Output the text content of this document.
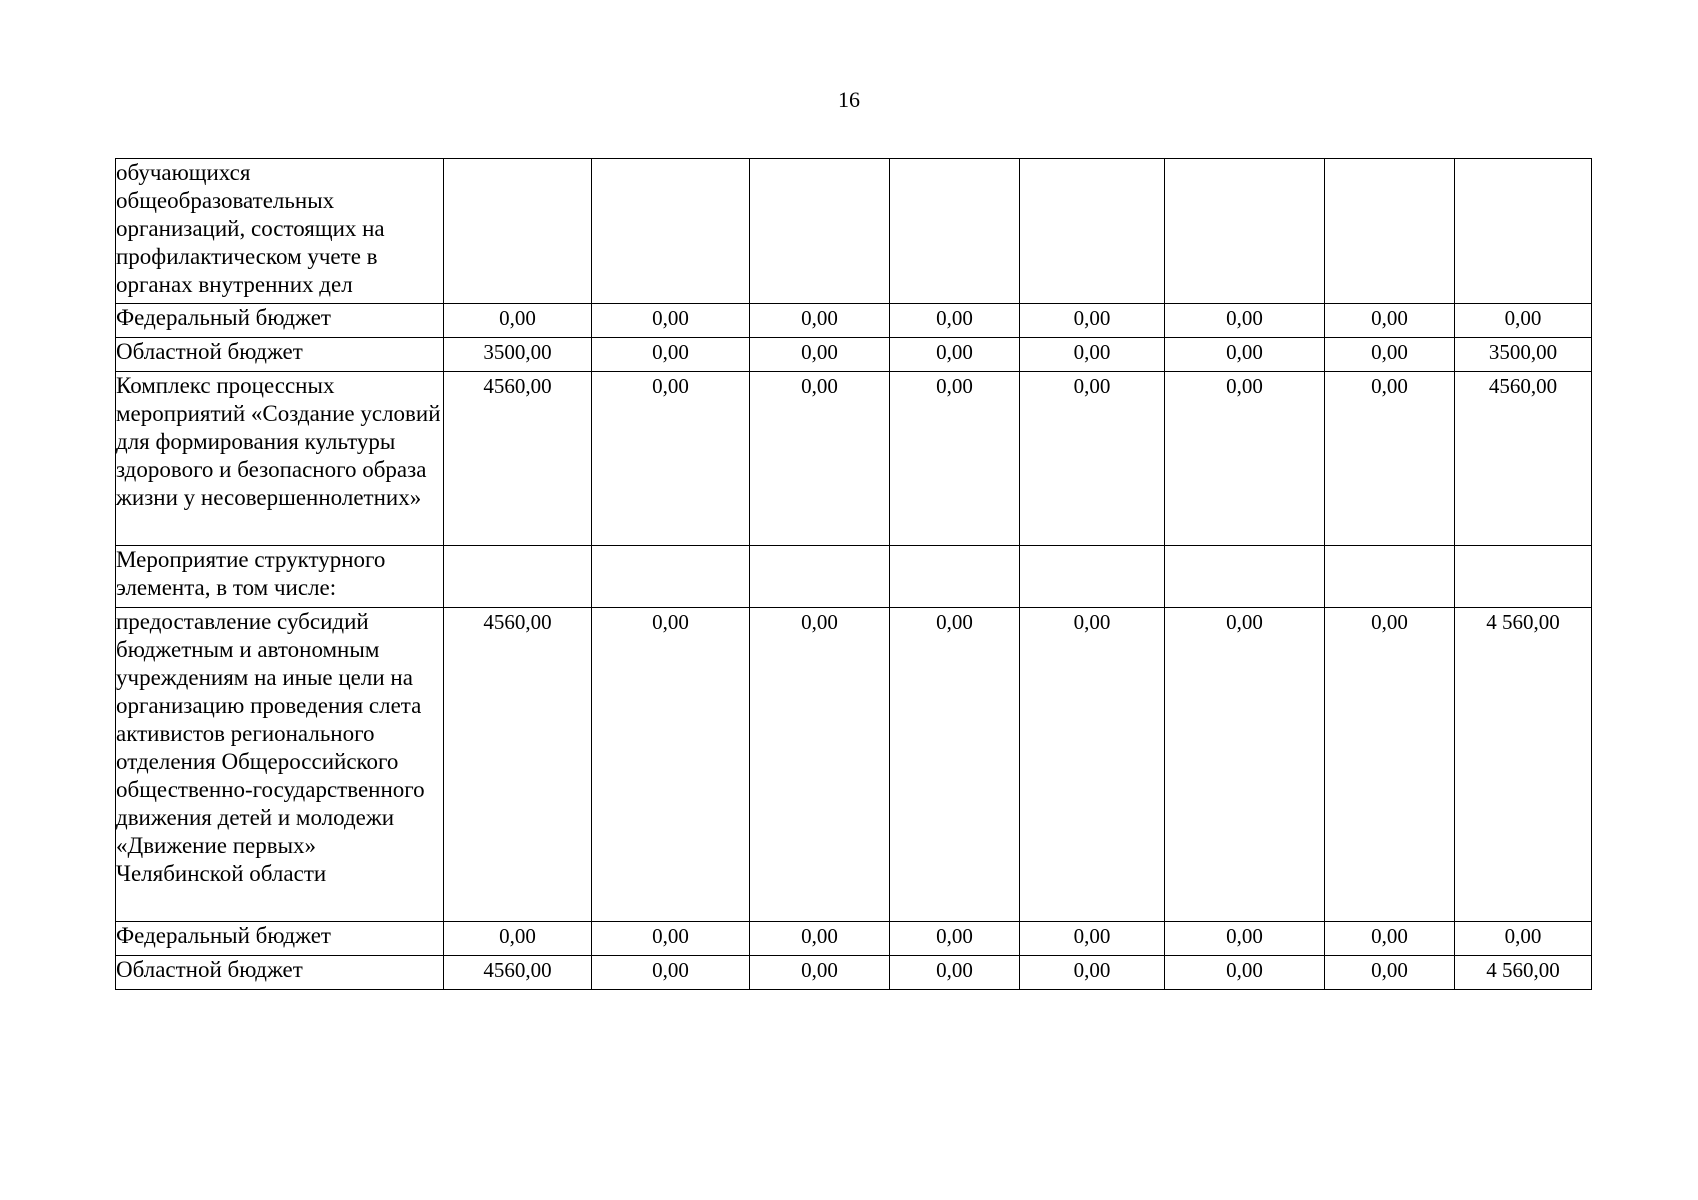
16
обучающихся общеобразовательных организаций, состоящих на профилактическом учете в органах внутренних дел								
Федеральный бюджет	0,00	0,00	0,00	0,00	0,00	0,00	0,00	0,00
Областной бюджет	3500,00	0,00	0,00	0,00	0,00	0,00	0,00	3500,00
Комплекс процессных мероприятий «Создание условий для формирования культуры здорового и безопасного образа жизни у несовершеннолетних»	4560,00	0,00	0,00	0,00	0,00	0,00	0,00	4560,00
Мероприятие структурного элемента, в том числе:								
предоставление субсидий бюджетным и автономным учреждениям на иные цели на организацию проведения слета активистов регионального отделения Общероссийского общественно-государственного движения детей и молодежи «Движение первых» Челябинской области	4560,00	0,00	0,00	0,00	0,00	0,00	0,00	4 560,00
Федеральный бюджет	0,00	0,00	0,00	0,00	0,00	0,00	0,00	0,00
Областной бюджет	4560,00	0,00	0,00	0,00	0,00	0,00	0,00	4 560,00
